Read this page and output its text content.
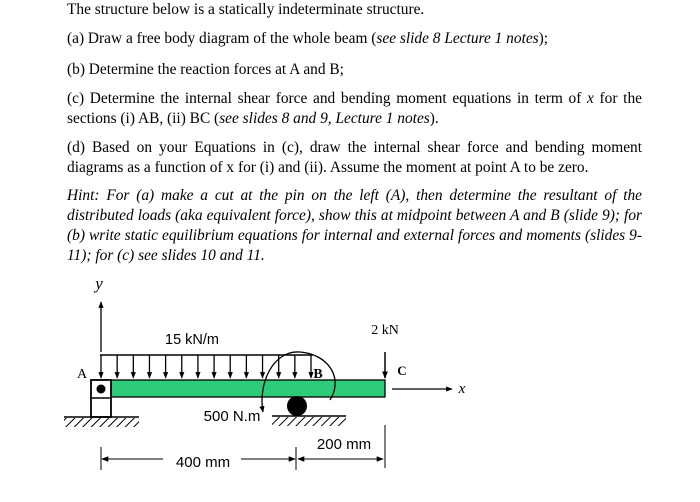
The structure below is a statically indeterminate structure.
(a) Draw a free body diagram of the whole beam (see slide 8 Lecture 1 notes);
(b) Determine the reaction forces at A and B;
(c) Determine the internal shear force and bending moment equations in term of x for the sections (i) AB, (ii) BC (see slides 8 and 9, Lecture 1 notes).
(d) Based on your Equations in (c), draw the internal shear force and bending moment diagrams as a function of x for (i) and (ii). Assume the moment at point A to be zero.
Hint: For (a) make a cut at the pin on the left (A), then determine the resultant of the distributed loads (aka equivalent force), show this at midpoint between A and B (slide 9); for (b) write static equilibrium equations for internal and external forces and moments (slides 9-11); for (c) see slides 10 and 11.
y
15 kN/m
A	B
500 N.m
2 kN
C
x
400 mm
200 mm
